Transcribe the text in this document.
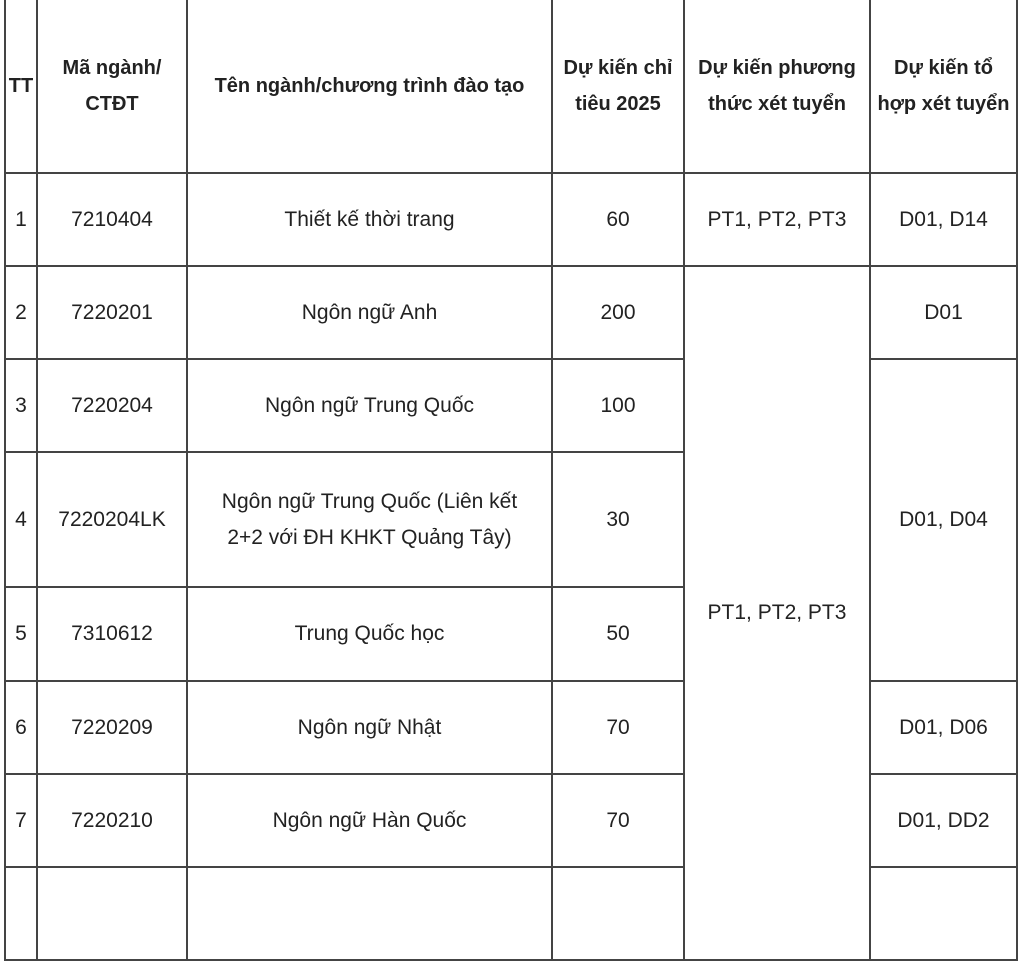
TT	Mã ngành/ CTĐT	Tên ngành/chương trình đào tạo	Dự kiến chỉ tiêu 2025	Dự kiến phương thức xét tuyển	Dự kiến tổ hợp xét tuyển
1	7210404	Thiết kế thời trang	60	PT1, PT2, PT3	D01, D14
2	7220201	Ngôn ngữ Anh	200	PT1, PT2, PT3	D01
3	7220204	Ngôn ngữ Trung Quốc	100		D01, D04
4	7220204LK	Ngôn ngữ Trung Quốc (Liên kết 2+2 với ĐH KHKT Quảng Tây)	30		
5	7310612	Trung Quốc học	50		
6	7220209	Ngôn ngữ Nhật	70		D01, D06
7	7220210	Ngôn ngữ Hàn Quốc	70		D01, DD2
